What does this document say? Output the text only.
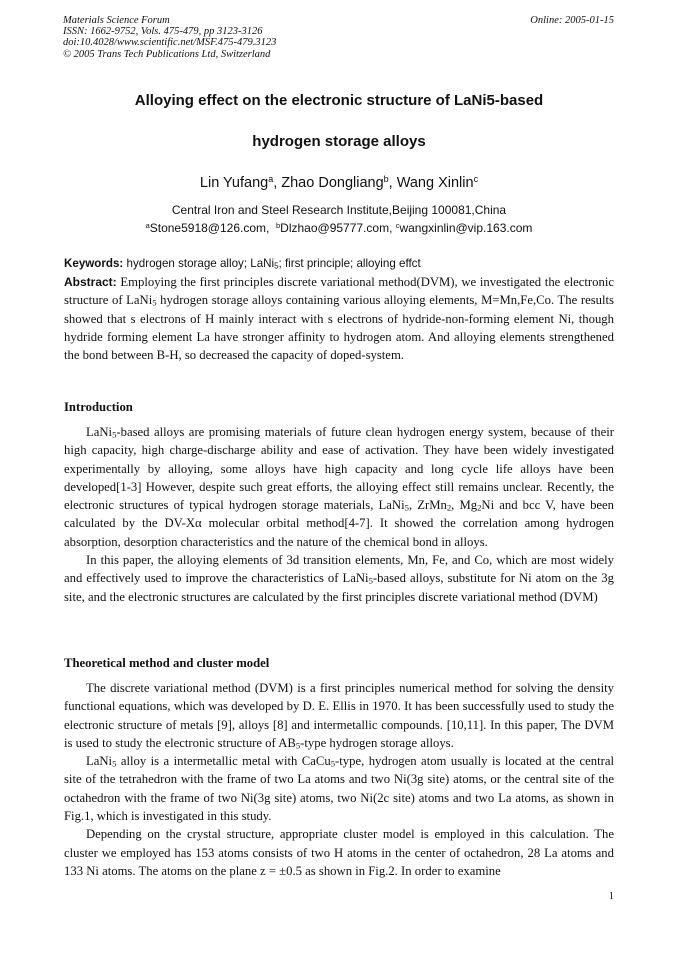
Materials Science Forum
ISSN: 1662-9752, Vols. 475-479, pp 3123-3126
doi:10.4028/www.scientific.net/MSF.475-479.3123
© 2005 Trans Tech Publications Ltd, Switzerland
Online: 2005-01-15
Alloying effect on the electronic structure of LaNi5-based
hydrogen storage alloys
Lin Yufang$^a$, Zhao Dongliang$^b$, Wang Xinlin$^c$
Central Iron and Steel Research Institute,Beijing 100081,China
$^a$Stone5918@126.com, $^b$Dlzhao@95777.com, $^c$wangxinlin@vip.163.com
Keywords: hydrogen storage alloy; LaNi$_5$; first principle; alloying effct
Abstract: Employing the first principles discrete variational method(DVM), we investigated the electronic structure of LaNi$_5$ hydrogen storage alloys containing various alloying elements, M=Mn,Fe,Co. The results showed that s electrons of H mainly interact with s electrons of hydride-non-forming element Ni, though hydride forming element La have stronger affinity to hydrogen atom. And alloying elements strengthened the bond between B-H, so decreased the capacity of doped-system.
Introduction

LaNi$_5$-based alloys are promising materials of future clean hydrogen energy system, because of their high capacity, high charge-discharge ability and ease of activation. They have been widely investigated experimentally by alloying, some alloys have high capacity and long cycle life alloys have been developed[1-3] However, despite such great efforts, the alloying effect still remains unclear. Recently, the electronic structures of typical hydrogen storage materials, LaNi$_5$, ZrMn$_2$, $Mg_2Ni$ and bcc V, have been calculated by the DV-Xα molecular orbital method[4-7]. It showed the correlation among hydrogen absorption, desorption characteristics and the nature of the chemical bond in alloys.

In this paper, the alloying elements of 3d transition elements, Mn, Fe, and Co, which are most widely and effectively used to improve the characteristics of LaNi$_5$-based alloys, substitute for Ni atom on the 3g site, and the electronic structures are calculated by the first principles discrete variational method (DVM)

Theoretical method and cluster model

The discrete variational method (DVM) is a first principles numerical method for solving the density functional equations, which was developed by D. E. Ellis in 1970. It has been successfully used to study the electronic structure of metals [9], alloys [8] and intermetallic compounds. [10,11]. In this paper, The DVM is used to study the electronic structure of $AB_5$-type hydrogen storage alloys.

LaNi$_5$ alloy is a intermetallic metal with CaCu$_5$-type, hydrogen atom usually is located at the central site of the tetrahedron with the frame of two La atoms and two Ni(3g site) atoms, or the central site of the octahedron with the frame of two Ni(3g site) atoms, two Ni(2c site) atoms and two La atoms, as shown in Fig.1, which is investigated in this study.

Depending on the crystal structure, appropriate cluster model is employed in this calculation. The cluster we employed has 153 atoms consists of two H atoms in the center of octahedron, 28 La atoms and 133 Ni atoms. The atoms on the plane z = ±0.5 as shown in Fig.2. In order to examine

1
